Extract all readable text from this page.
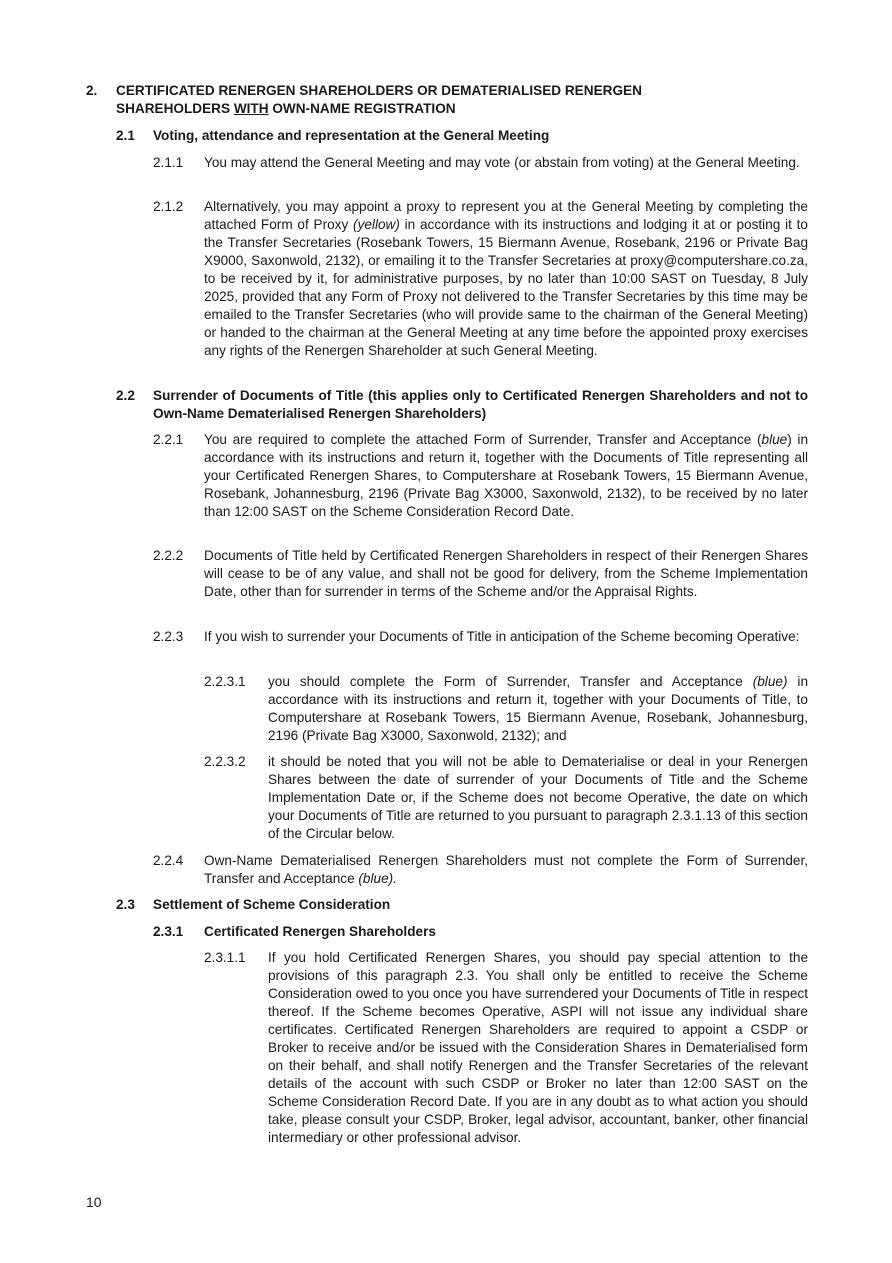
2. CERTIFICATED RENERGEN SHAREHOLDERS OR DEMATERIALISED RENERGEN SHAREHOLDERS WITH OWN-NAME REGISTRATION
2.1 Voting, attendance and representation at the General Meeting
2.1.1 You may attend the General Meeting and may vote (or abstain from voting) at the General Meeting.
2.1.2 Alternatively, you may appoint a proxy to represent you at the General Meeting by completing the attached Form of Proxy (yellow) in accordance with its instructions and lodging it at or posting it to the Transfer Secretaries (Rosebank Towers, 15 Biermann Avenue, Rosebank, 2196 or Private Bag X9000, Saxonwold, 2132), or emailing it to the Transfer Secretaries at proxy@computershare.co.za, to be received by it, for administrative purposes, by no later than 10:00 SAST on Tuesday, 8 July 2025, provided that any Form of Proxy not delivered to the Transfer Secretaries by this time may be emailed to the Transfer Secretaries (who will provide same to the chairman of the General Meeting) or handed to the chairman at the General Meeting at any time before the appointed proxy exercises any rights of the Renergen Shareholder at such General Meeting.
2.2 Surrender of Documents of Title (this applies only to Certificated Renergen Shareholders and not to Own-Name Dematerialised Renergen Shareholders)
2.2.1 You are required to complete the attached Form of Surrender, Transfer and Acceptance (blue) in accordance with its instructions and return it, together with the Documents of Title representing all your Certificated Renergen Shares, to Computershare at Rosebank Towers, 15 Biermann Avenue, Rosebank, Johannesburg, 2196 (Private Bag X3000, Saxonwold, 2132), to be received by no later than 12:00 SAST on the Scheme Consideration Record Date.
2.2.2 Documents of Title held by Certificated Renergen Shareholders in respect of their Renergen Shares will cease to be of any value, and shall not be good for delivery, from the Scheme Implementation Date, other than for surrender in terms of the Scheme and/or the Appraisal Rights.
2.2.3 If you wish to surrender your Documents of Title in anticipation of the Scheme becoming Operative:
2.2.3.1 you should complete the Form of Surrender, Transfer and Acceptance (blue) in accordance with its instructions and return it, together with your Documents of Title, to Computershare at Rosebank Towers, 15 Biermann Avenue, Rosebank, Johannesburg, 2196 (Private Bag X3000, Saxonwold, 2132); and
2.2.3.2 it should be noted that you will not be able to Dematerialise or deal in your Renergen Shares between the date of surrender of your Documents of Title and the Scheme Implementation Date or, if the Scheme does not become Operative, the date on which your Documents of Title are returned to you pursuant to paragraph 2.3.1.13 of this section of the Circular below.
2.2.4 Own-Name Dematerialised Renergen Shareholders must not complete the Form of Surrender, Transfer and Acceptance (blue).
2.3 Settlement of Scheme Consideration
2.3.1 Certificated Renergen Shareholders
2.3.1.1 If you hold Certificated Renergen Shares, you should pay special attention to the provisions of this paragraph 2.3. You shall only be entitled to receive the Scheme Consideration owed to you once you have surrendered your Documents of Title in respect thereof. If the Scheme becomes Operative, ASPI will not issue any individual share certificates. Certificated Renergen Shareholders are required to appoint a CSDP or Broker to receive and/or be issued with the Consideration Shares in Dematerialised form on their behalf, and shall notify Renergen and the Transfer Secretaries of the relevant details of the account with such CSDP or Broker no later than 12:00 SAST on the Scheme Consideration Record Date. If you are in any doubt as to what action you should take, please consult your CSDP, Broker, legal advisor, accountant, banker, other financial intermediary or other professional advisor.
10
